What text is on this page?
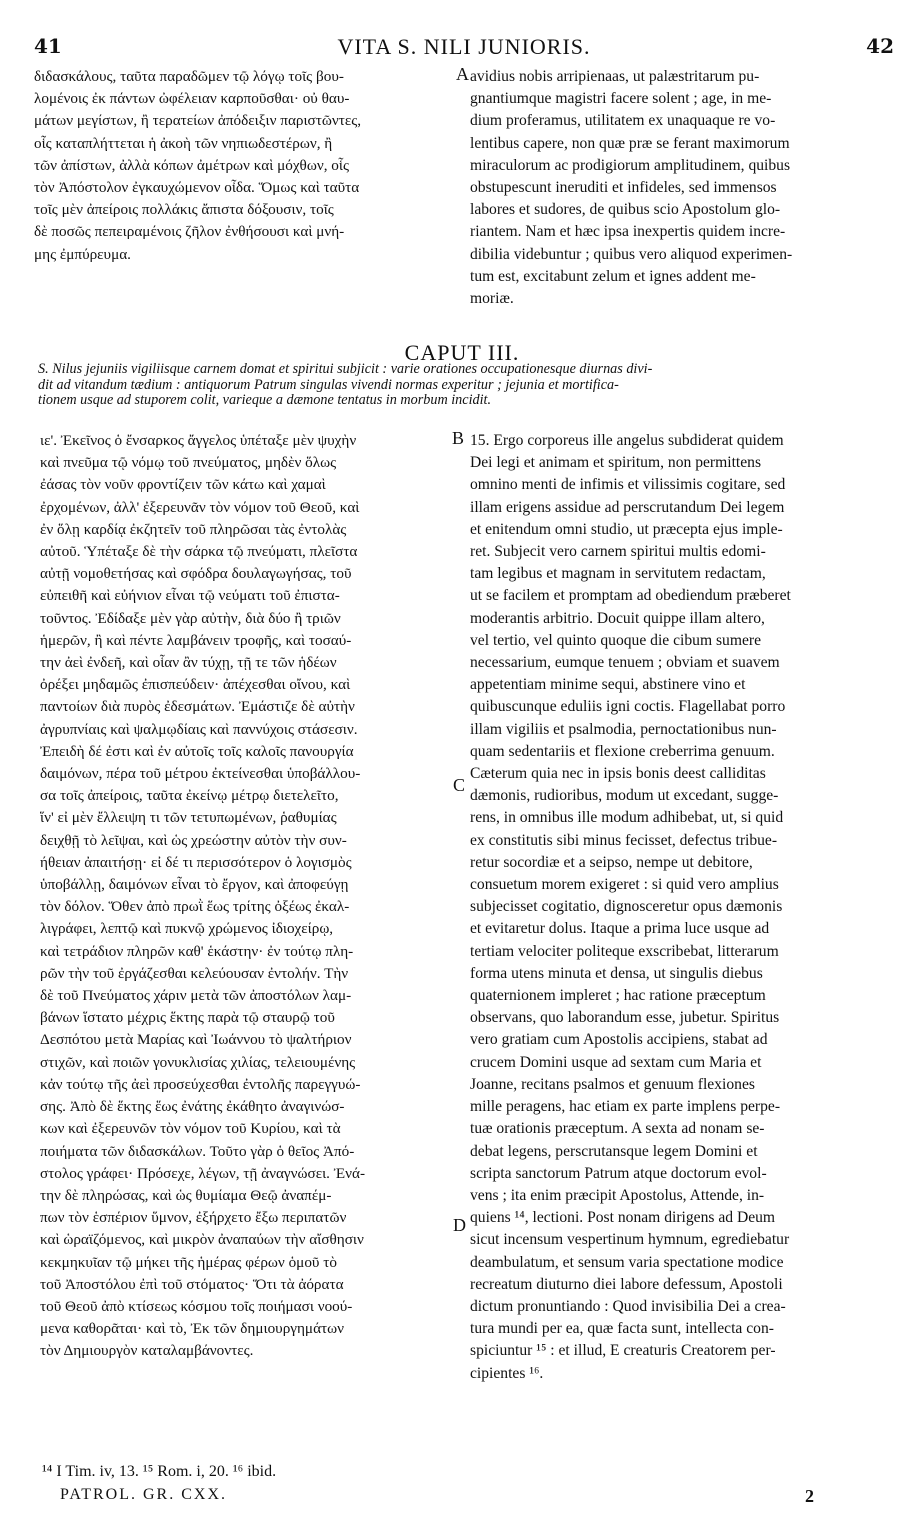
41	VITA S. NILI JUNIORIS.	42

διδασκάλους, ταῦτα παραδῶμεν τῷ λόγῳ τοῖς βου-

λομένοις ἐκ πάντων ὠφέλειαν καρποῦσθαι· οὐ θαυ-

μάτων μεγίστων, ἢ τερατείων ἀπόδειξιν παριστῶντες,

οἷς καταπλήττεται ἡ ἀκοὴ τῶν νηπιωδεστέρων, ἢ

τῶν ἀπίστων, ἀλλὰ κόπων ἀμέτρων καὶ μόχθων, οἷς

τὸν Ἀπόστολον ἐγκαυχώμενον οἶδα. Ὅμως καὶ ταῦτα

τοῖς μὲν ἀπείροις πολλάκις ἄπιστα δόξουσιν, τοῖς

δὲ ποσῶς πεπειραμένοις ζῆλον ἐνθήσουσι καὶ μνή-

μης ἐμπύρευμα.

avidius nobis arripienaas, ut palæstritarum pu-

gnantiumque magistri facere solent ; age, in me-

dium proferamus, utilitatem ex unaquaque re vo-

lentibus capere, non quæ præ se ferant maximorum

miraculorum ac prodigiorum amplitudinem, quibus

obstupescunt ineruditi et infideles, sed immensos

labores et sudores, de quibus scio Apostolum glo-

riantem. Nam et hæc ipsa inexpertis quidem incre-

dibilia videbuntur ; quibus vero aliquod experimen-

tum est, excitabunt zelum et ignes addent me-

moriæ.

A
CAPUT III.

S. Nilus jejuniis vigiliisque carnem domat et spiritui subjicit : varie orationes occupationesque diurnas divi-

dit ad vitandum tædium : antiquorum Patrum singulas vivendi normas experitur ; jejunia et mortifica-

tionem usque ad stuporem colit, varieque a dæmone tentatus in morbum incidit.

B
C
D

ιε'. Ἐκεῖνος ὁ ἔνσαρκος ἄγγελος ὑπέταξε μὲν ψυχὴν

καὶ πνεῦμα τῷ νόμῳ τοῦ πνεύματος, μηδὲν ὅλως

ἐάσας τὸν νοῦν φροντίζειν τῶν κάτω καὶ χαμαὶ

ἐρχομένων, ἀλλ' ἐξερευνᾶν τὸν νόμον τοῦ Θεοῦ, καὶ

ἐν ὅλῃ καρδίᾳ ἐκζητεῖν τοῦ πληρῶσαι τὰς ἐντολὰς

αὐτοῦ. Ὑπέταξε δὲ τὴν σάρκα τῷ πνεύματι, πλεῖστα

αὐτῇ νομοθετήσας καὶ σφόδρα δουλαγωγήσας, τοῦ

εὐπειθῆ καὶ εὐήνιον εἶναι τῷ νεύματι τοῦ ἐπιστα-

τοῦντος. Ἐδίδαξε μὲν γὰρ αὐτὴν, διὰ δύο ἢ τριῶν

ἡμερῶν, ἢ καὶ πέντε λαμβάνειν τροφῆς, καὶ τοσαύ-

την ἀεὶ ἐνδεῆ, καὶ οἷαν ἂν τύχῃ, τῇ τε τῶν ἡδέων

ὀρέξει μηδαμῶς ἐπισπεύδειν· ἀπέχεσθαι οἴνου, καὶ

παντοίων διὰ πυρὸς ἐδεσμάτων. Ἐμάστιζε δὲ αὐτὴν

ἀγρυπνίαις καὶ ψαλμῳδίαις καὶ παννύχοις στάσεσιν.

Ἐπειδὴ δέ ἐστι καὶ ἐν αὐτοῖς τοῖς καλοῖς πανουργία

δαιμόνων, πέρα τοῦ μέτρου ἐκτείνεσθαι ὑποβάλλου-

σα τοῖς ἀπείροις, ταῦτα ἐκείνῳ μέτρῳ διετελεῖτο,

ἵν' εἰ μὲν ἔλλειψη τι τῶν τετυπωμένων, ῥαθυμίας

δειχθῇ τὸ λεῖψαι, καὶ ὡς χρεώστην αὐτὸν τὴν συν-

ήθειαν ἀπαιτήσῃ· εἰ δέ τι περισσότερον ὁ λογισμὸς

ὑποβάλλῃ, δαιμόνων εἶναι τὸ ἔργον, καὶ ἀποφεύγῃ

τὸν δόλον. Ὅθεν ἀπὸ πρωῒ ἕως τρίτης ὀξέως ἐκαλ-

λιγράφει, λεπτῷ καὶ πυκνῷ χρώμενος ἰδιοχείρῳ,

καὶ τετράδιον πληρῶν καθ' ἑκάστην· ἐν τούτῳ πλη-

ρῶν τὴν τοῦ ἐργάζεσθαι κελεύουσαν ἐντολήν. Τὴν

δὲ τοῦ Πνεύματος χάριν μετὰ τῶν ἀποστόλων λαμ-

βάνων ἵστατο μέχρις ἕκτης παρὰ τῷ σταυρῷ τοῦ

Δεσπότου μετὰ Μαρίας καὶ Ἰωάννου τὸ ψαλτήριον

στιχῶν, καὶ ποιῶν γονυκλισίας χιλίας, τελειουμένης

κἀν τούτῳ τῆς ἀεὶ προσεύχεσθαι ἐντολῆς παρεγγυώ-

σης. Ἀπὸ δὲ ἕκτης ἕως ἐνάτης ἐκάθητο ἀναγινώσ-

κων καὶ ἐξερευνῶν τὸν νόμον τοῦ Κυρίου, καὶ τὰ

ποιήματα τῶν διδασκάλων. Τοῦτο γὰρ ὁ θεῖος Ἀπό-

στολος γράφει· Πρόσεχε, λέγων, τῇ ἀναγνώσει. Ἐνά-

την δὲ πληρώσας, καὶ ὡς θυμίαμα Θεῷ ἀναπέμ-

πων τὸν ἑσπέριον ὕμνον, ἐξήρχετο ἔξω περιπατῶν

καὶ ὡραϊζόμενος, καὶ μικρὸν ἀναπαύων τὴν αἴσθησιν

κεκμηκυῖαν τῷ μήκει τῆς ἡμέρας φέρων ὁμοῦ τὸ

τοῦ Ἀποστόλου ἐπὶ τοῦ στόματος· Ὅτι τὰ ἀόρατα

τοῦ Θεοῦ ἀπὸ κτίσεως κόσμου τοῖς ποιήμασι νοού-

μενα καθορᾶται· καὶ τὸ, Ἐκ τῶν δημιουργημάτων

τὸν Δημιουργὸν καταλαμβάνοντες.

15. Ergo corporeus ille angelus subdiderat quidem

Dei legi et animam et spiritum, non permittens

omnino menti de infimis et vilissimis cogitare, sed

illam erigens assidue ad perscrutandum Dei legem

et enitendum omni studio, ut præcepta ejus imple-

ret. Subjecit vero carnem spiritui multis edomi-

tam legibus et magnam in servitutem redactam,

ut se facilem et promptam ad obediendum præberet

moderantis arbitrio. Docuit quippe illam altero,

vel tertio, vel quinto quoque die cibum sumere

necessarium, eumque tenuem ; obviam et suavem

appetentiam minime sequi, abstinere vino et

quibuscunque eduliis igni coctis. Flagellabat porro

illam vigiliis et psalmodia, pernoctationibus nun-

quam sedentariis et flexione creberrima genuum.

Cæterum quia nec in ipsis bonis deest calliditas

dæmonis, rudioribus, modum ut excedant, sugge-

rens, in omnibus ille modum adhibebat, ut, si quid

ex constitutis sibi minus fecisset, defectus tribue-

retur socordiæ et a seipso, nempe ut debitore,

consuetum morem exigeret : si quid vero amplius

subjecisset cogitatio, dignosceretur opus dæmonis

et evitaretur dolus. Itaque a prima luce usque ad

tertiam velociter politeque exscribebat, litterarum

forma utens minuta et densa, ut singulis diebus

quaternionem impleret ; hac ratione præceptum

observans, quo laborandum esse, jubetur. Spiritus

vero gratiam cum Apostolis accipiens, stabat ad

crucem Domini usque ad sextam cum Maria et

Joanne, recitans psalmos et genuum flexiones

mille peragens, hac etiam ex parte implens perpe-

tuæ orationis præceptum. A sexta ad nonam se-

debat legens, perscrutansque legem Domini et

scripta sanctorum Patrum atque doctorum evol-

vens ; ita enim præcipit Apostolus, Attende, in-

quiens ¹⁴, lectioni. Post nonam dirigens ad Deum

sicut incensum vespertinum hymnum, egrediebatur

deambulatum, et sensum varia spectatione modice

recreatum diuturno diei labore defessum, Apostoli

dictum pronuntiando : Quod invisibilia Dei a crea-

tura mundi per ea, quæ facta sunt, intellecta con-

spiciuntur ¹⁵ : et illud, E creaturis Creatorem per-

cipientes ¹⁶.

¹⁴ I Tim. iv, 13. ¹⁵ Rom. i, 20. ¹⁶ ibid.
PATROL. GR. CXX.	2
